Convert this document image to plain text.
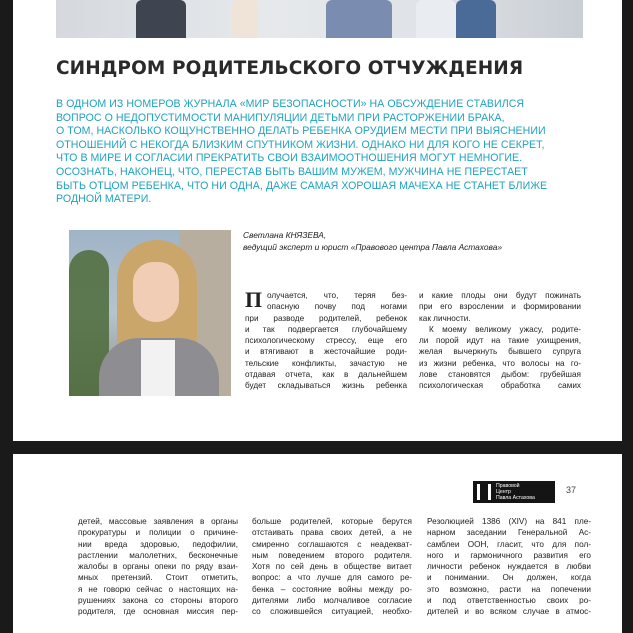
СИНДРОМ РОДИТЕЛЬСКОГО ОТЧУЖДЕНИЯ
В ОДНОМ ИЗ НОМЕРОВ ЖУРНАЛА «МИР БЕЗОПАСНОСТИ» НА ОБСУЖДЕНИЕ СТАВИЛСЯ
ВОПРОС О НЕДОПУСТИМОСТИ МАНИПУЛЯЦИИ ДЕТЬМИ ПРИ РАСТОРЖЕНИИ БРАКА,
О ТОМ, НАСКОЛЬКО КОЩУНСТВЕННО ДЕЛАТЬ РЕБЕНКА ОРУДИЕМ МЕСТИ ПРИ ВЫЯСНЕНИИ
ОТНОШЕНИЙ С НЕКОГДА БЛИЗКИМ СПУТНИКОМ ЖИЗНИ. ОДНАКО НИ ДЛЯ КОГО НЕ СЕКРЕТ,
ЧТО В МИРЕ И СОГЛАСИИ ПРЕКРАТИТЬ СВОИ ВЗАИМООТНОШЕНИЯ МОГУТ НЕМНОГИЕ.
ОСОЗНАТЬ, НАКОНЕЦ, ЧТО, ПЕРЕСТАВ БЫТЬ ВАШИМ МУЖЕМ, МУЖЧИНА НЕ ПЕРЕСТАЕТ
БЫТЬ ОТЦОМ РЕБЕНКА, ЧТО НИ ОДНА, ДАЖЕ САМАЯ ХОРОШАЯ МАЧЕХА НЕ СТАНЕТ БЛИЖЕ
РОДНОЙ МАТЕРИ.
Светлана КНЯЗЕВА,
ведущий эксперт и юрист «Правового центра Павла Астахова»
П олучается, что, теряя без-
опасную почву под ногами
при разводе родителей, ребенок
и так подвергается глубочайшему
психологическому стрессу, еще его
и втягивают в жесточайшие роди-
тельские конфликты, зачастую не
отдавая отчета, как в дальнейшем
будет складываться жизнь ребенка
и какие плоды они будут пожинать
при его взрослении и формировании
как личности.
К моему великому ужасу, родите-
ли порой идут на такие ухищрения,
желая вычеркнуть бывшего супруга
из жизни ребенка, что волосы на го-
лове становятся дыбом: грубейшая
психологическая обработка самих
Правовой
Центр
Павла Астахова
37
детей, массовые заявления в органы
прокуратуры и полиции о причине-
нии вреда здоровью, педофилии,
растлении малолетних, бесконечные
жалобы в органы опеки по ряду взаи-
мных претензий. Стоит отметить,
я не говорю сейчас о настоящих на-
рушениях закона со стороны второго
родителя, где основная миссия пер-
больше родителей, которые берутся
отстаивать права своих детей, а не
смиренно соглашаются с неадекват-
ным поведением второго родителя.
Хотя по сей день в обществе витает
вопрос: а что лучше для самого ре-
бенка – состояние войны между ро-
дителями либо молчаливое согласие
со сложившейся ситуацией, необхо-
Резолюцией 1386 (XIV) на 841 пле-
нарном заседании Генеральной Ас-
самблеи ООН, гласит, что для пол-
ного и гармоничного развития его
личности ребенок нуждается в любви
и понимании. Он должен, когда
это возможно, расти на попечении
и под ответственностью своих ро-
дителей и во всяком случае в атмос-
